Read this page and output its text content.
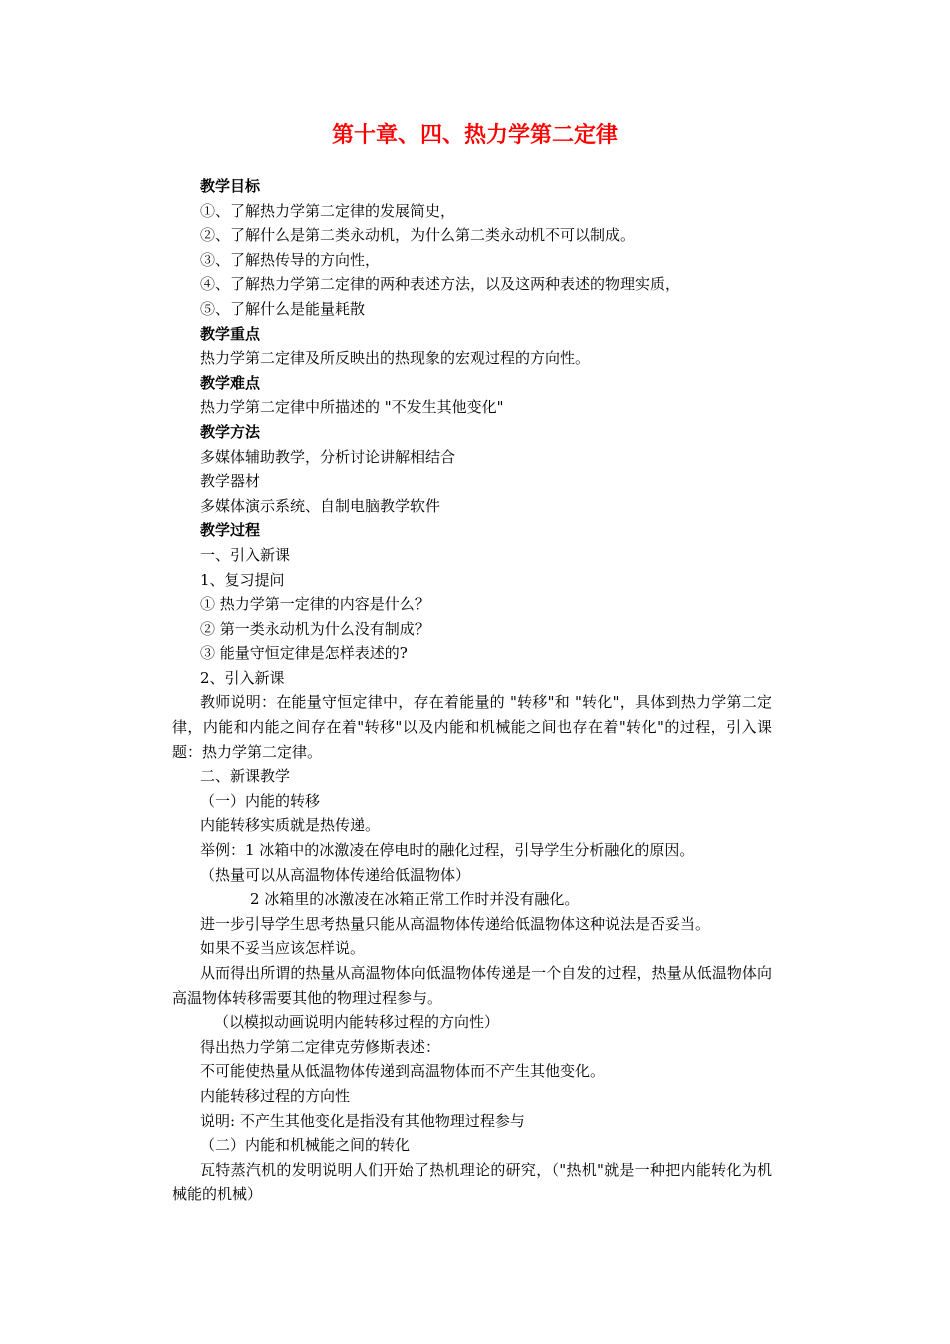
第十章、四、热力学第二定律
教学目标
①、了解热力学第二定律的发展简史，
②、了解什么是第二类永动机，为什么第二类永动机不可以制成。
③、了解热传导的方向性，
④、了解热力学第二定律的两种表述方法，以及这两种表述的物理实质，
⑤、了解什么是能量耗散
教学重点
热力学第二定律及所反映出的热现象的宏观过程的方向性。
教学难点
热力学第二定律中所描述的 "不发生其他变化"
教学方法
多媒体辅助教学，分析讨论讲解相结合
教学器材
多媒体演示系统、自制电脑教学软件
教学过程
一、引入新课
1、复习提问
① 热力学第一定律的内容是什么？
② 第一类永动机为什么没有制成？
③ 能量守恒定律是怎样表述的?
2、引入新课
教师说明：在能量守恒定律中，存在着能量的 "转移"和 "转化"，具体到热力学第二定律，内能和内能之间存在着"转移"以及内能和机械能之间也存在着"转化"的过程，引入课题：热力学第二定律。
二、新课教学
（一）内能的转移
内能转移实质就是热传递。
举例：1 冰箱中的冰激凌在停电时的融化过程，引导学生分析融化的原因。
（热量可以从高温物体传递给低温物体）
2 冰箱里的冰激凌在冰箱正常工作时并没有融化。
进一步引导学生思考热量只能从高温物体传递给低温物体这种说法是否妥当。
如果不妥当应该怎样说。
从而得出所谓的热量从高温物体向低温物体传递是一个自发的过程，热量从低温物体向高温物体转移需要其他的物理过程参与。
（以模拟动画说明内能转移过程的方向性）
得出热力学第二定律克劳修斯表述：
不可能使热量从低温物体传递到高温物体而不产生其他变化。
内能转移过程的方向性
说明: 不产生其他变化是指没有其他物理过程参与
（二）内能和机械能之间的转化
瓦特蒸汽机的发明说明人们开始了热机理论的研究，（"热机"就是一种把内能转化为机械能的机械）
